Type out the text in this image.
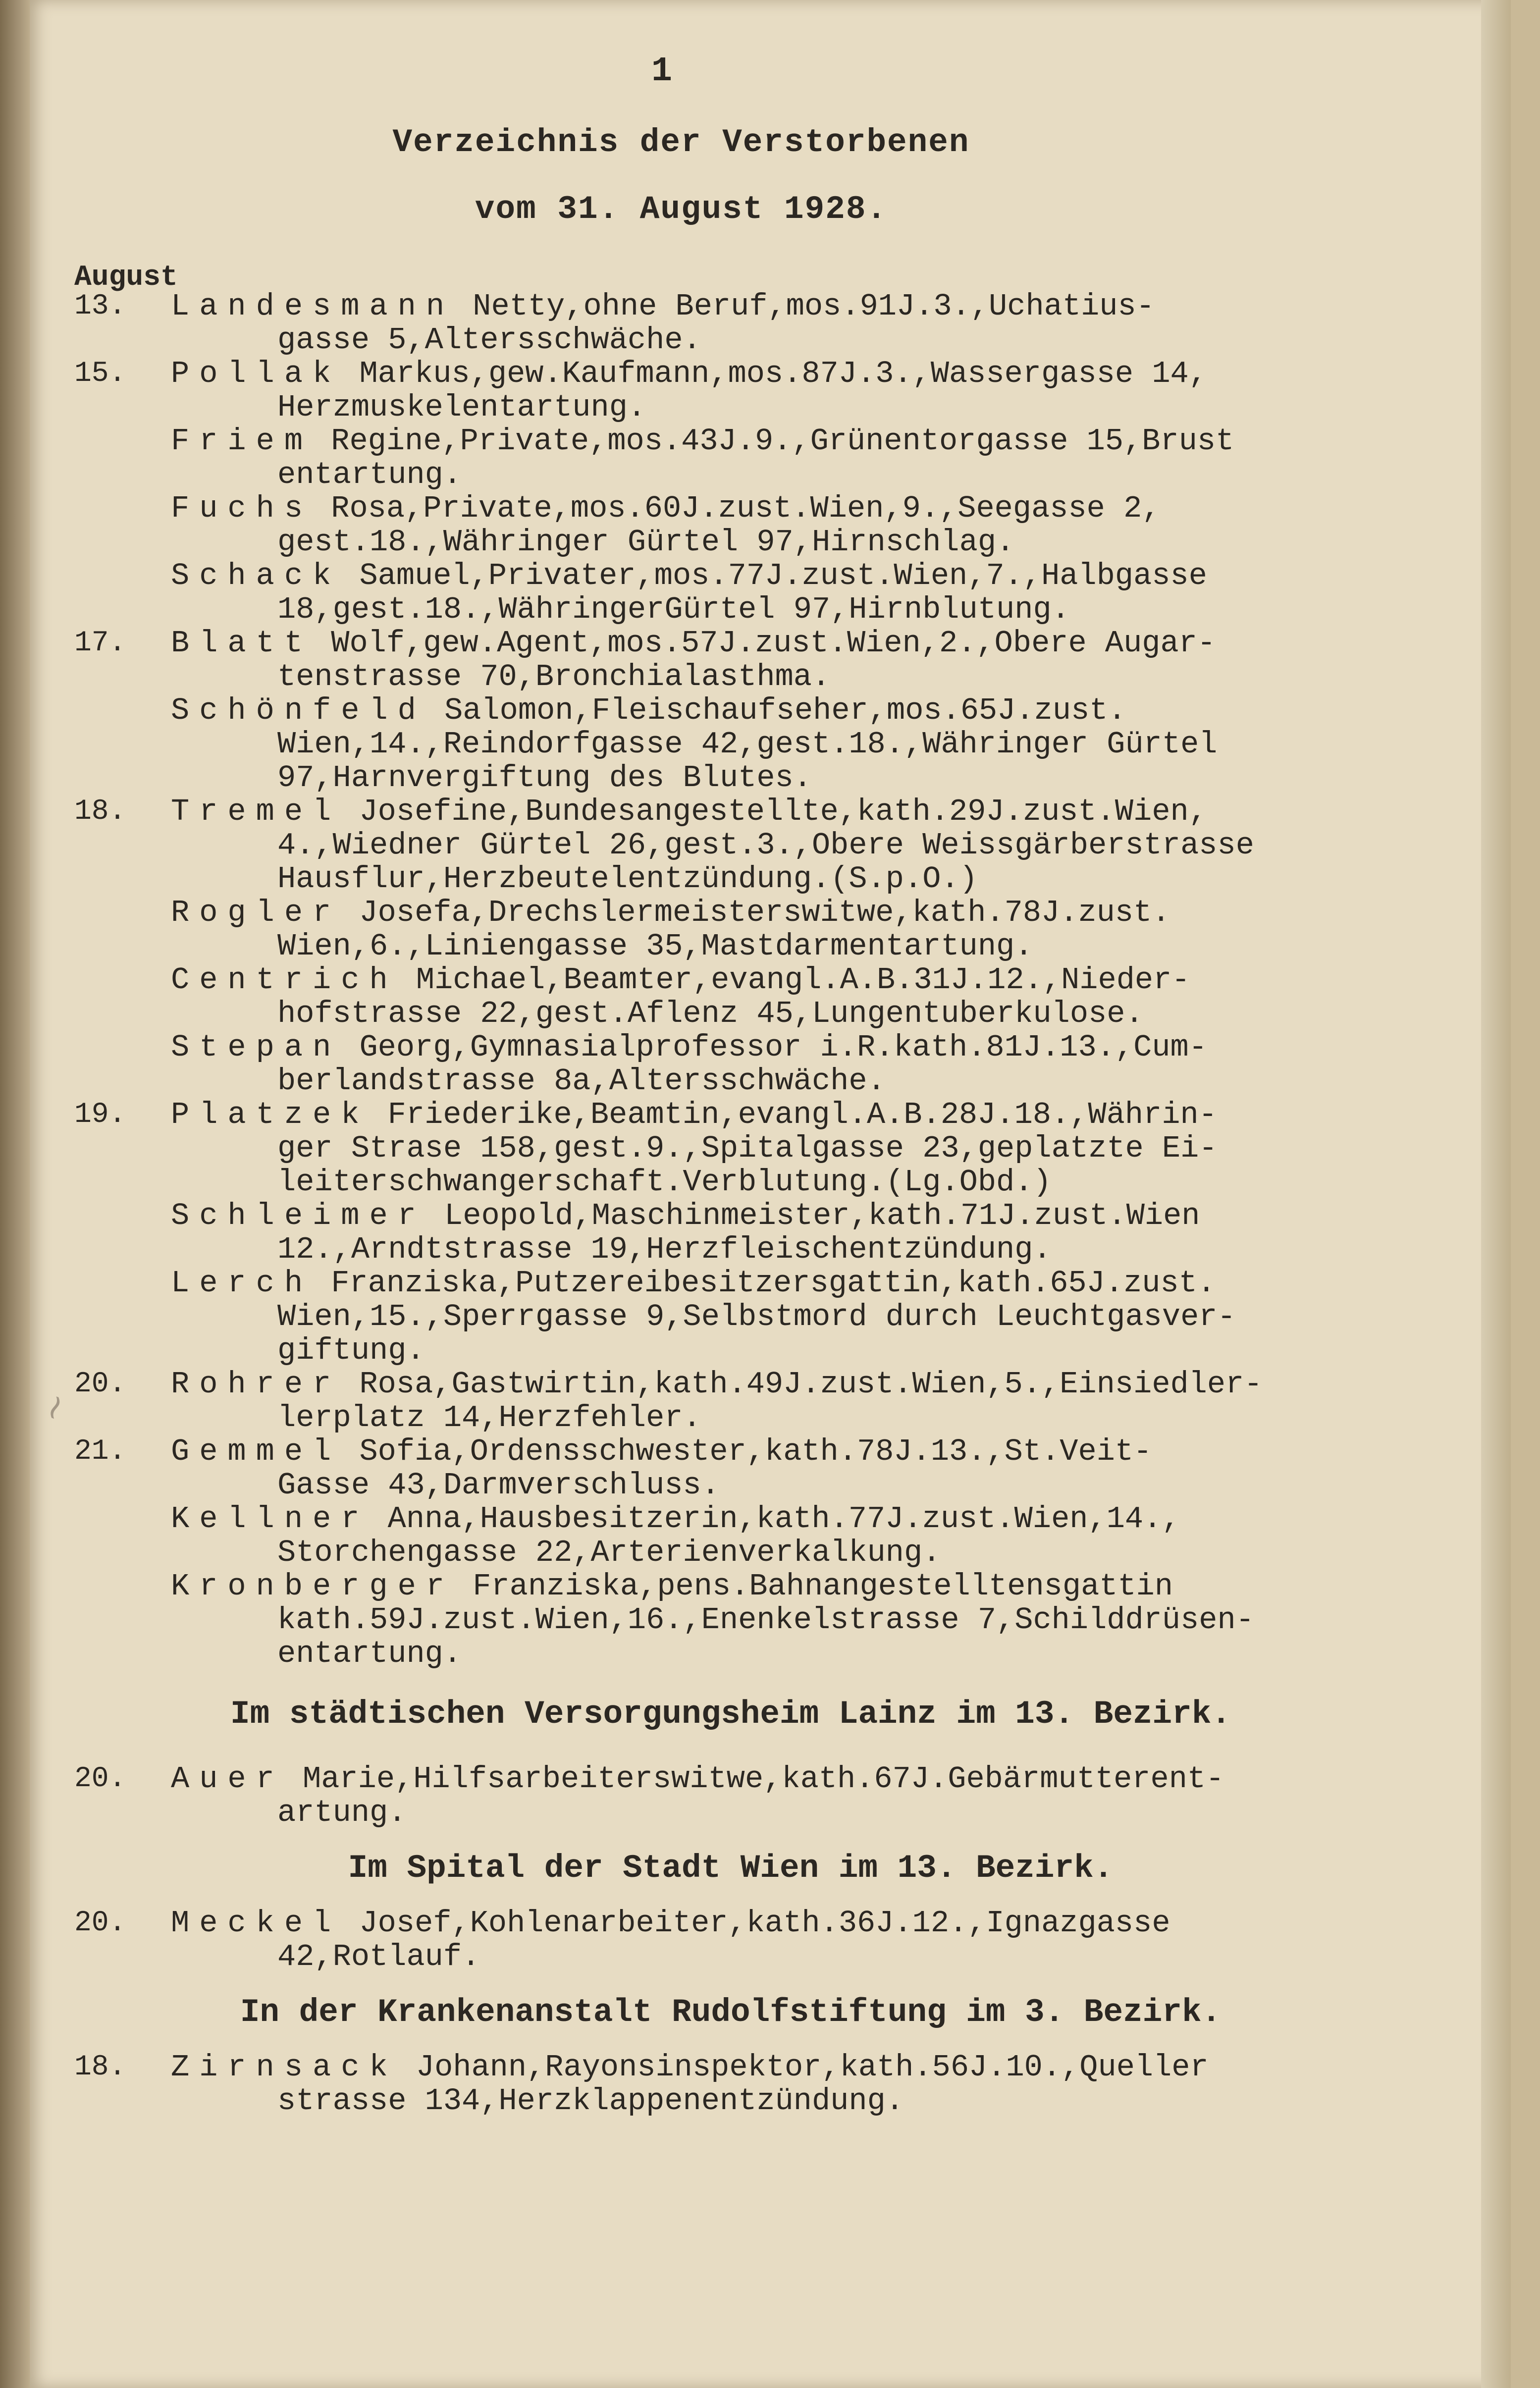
1
Verzeichnis der Verstorbenen
vom 31. August 1928.
August
~
13. Landesmann Netty,ohne Beruf,mos.91J.3.,Uchatius-
gasse 5,Altersschwäche.
15. Pollak Markus,gew.Kaufmann,mos.87J.3.,Wassergasse 14,
Herzmuskelentartung.
Friem Regine,Private,mos.43J.9.,Grünentorgasse 15,Brust
entartung.
Fuchs Rosa,Private,mos.60J.zust.Wien,9.,Seegasse 2,
gest.18.,Währinger Gürtel 97,Hirnschlag.
Schack Samuel,Privater,mos.77J.zust.Wien,7.,Halbgasse
18,gest.18.,WähringerGürtel 97,Hirnblutung.
17. Blatt Wolf,gew.Agent,mos.57J.zust.Wien,2.,Obere Augar-
tenstrasse 70,Bronchialasthma.
Schönfeld Salomon,Fleischaufseher,mos.65J.zust.
Wien,14.,Reindorfgasse 42,gest.18.,Währinger Gürtel
97,Harnvergiftung des Blutes.
18. Tremel Josefine,Bundesangestellte,kath.29J.zust.Wien,
4.,Wiedner Gürtel 26,gest.3.,Obere Weissgärberstrasse
Hausflur,Herzbeutelentzündung.(S.p.O.)
Rogler Josefa,Drechslermeisterswitwe,kath.78J.zust.
Wien,6.,Liniengasse 35,Mastdarmentartung.
Centrich Michael,Beamter,evangl.A.B.31J.12.,Nieder-
hofstrasse 22,gest.Aflenz 45,Lungentuberkulose.
Stepan Georg,Gymnasialprofessor i.R.kath.81J.13.,Cum-
berlandstrasse 8a,Altersschwäche.
19. Platzek Friederike,Beamtin,evangl.A.B.28J.18.,Währin-
ger Strase 158,gest.9.,Spitalgasse 23,geplatzte Ei-
leiterschwangerschaft.Verblutung.(Lg.Obd.)
Schleimer Leopold,Maschinmeister,kath.71J.zust.Wien
12.,Arndtstrasse 19,Herzfleischentzündung.
Lerch Franziska,Putzereibesitzersgattin,kath.65J.zust.
Wien,15.,Sperrgasse 9,Selbstmord durch Leuchtgasver-
giftung.
20. Rohrer Rosa,Gastwirtin,kath.49J.zust.Wien,5.,Einsiedler-
lerplatz 14,Herzfehler.
21. Gemmel Sofia,Ordensschwester,kath.78J.13.,St.Veit-
Gasse 43,Darmverschluss.
Kellner Anna,Hausbesitzerin,kath.77J.zust.Wien,14.,
Storchengasse 22,Arterienverkalkung.
Kronberger Franziska,pens.Bahnangestelltensgattin
kath.59J.zust.Wien,16.,Enenkelstrasse 7,Schilddrüsen-
entartung.
Im städtischen Versorgungsheim Lainz im 13. Bezirk.
20. Auer Marie,Hilfsarbeiterswitwe,kath.67J.Gebärmutterent-
artung.
Im Spital der Stadt Wien im 13. Bezirk.
20. Meckel Josef,Kohlenarbeiter,kath.36J.12.,Ignazgasse
42,Rotlauf.
In der Krankenanstalt Rudolfstiftung im 3. Bezirk.
18. Zirnsack Johann,Rayonsinspektor,kath.56J.10.,Queller
strasse 134,Herzklappenentzündung.
